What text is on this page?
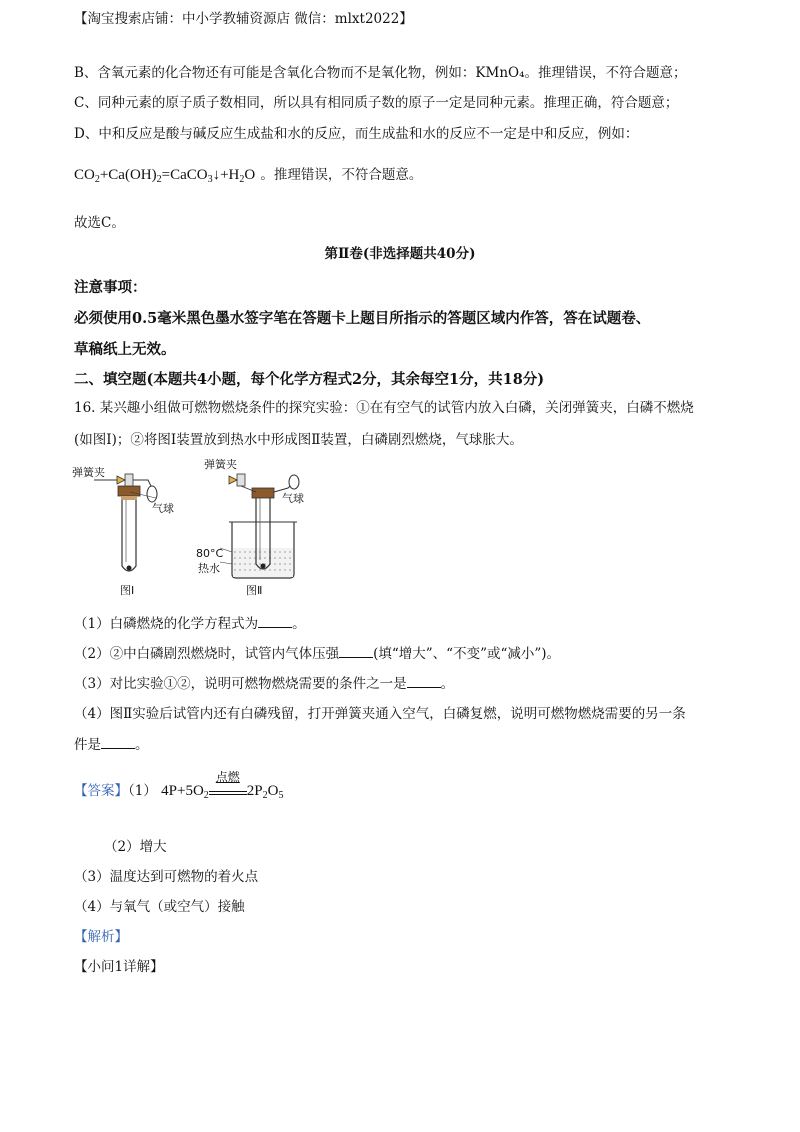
【淘宝搜索店铺：中小学教辅资源店 微信：mlxt2022】
B、含氧元素的化合物还有可能是含氧化合物而不是氧化物，例如：KMnO₄。推理错误，不符合题意；
C、同种元素的原子质子数相同，所以具有相同质子数的原子一定是同种元素。推理正确，符合题意；
D、中和反应是酸与碱反应生成盐和水的反应，而生成盐和水的反应不一定是中和反应，例如：
$CO_2+Ca(OH)_2=CaCO_3↓+H_2O$ 。推理错误，不符合题意。
故选C。
第Ⅱ卷(非选择题共40分)
注意事项：
必须使用0.5毫米黑色墨水签字笔在答题卡上题目所指示的答题区域内作答，答在试题卷、
草稿纸上无效。
二、填空题(本题共4小题，每个化学方程式2分，其余每空1分，共18分)
16. 某兴趣小组做可燃物燃烧条件的探究实验：①在有空气的试管内放入白磷，关闭弹簧夹，白磷不燃烧
(如图Ⅰ)；②将图Ⅰ装置放到热水中形成图Ⅱ装置，白磷剧烈燃烧，气球胀大。
弹簧夹
气球
图Ⅰ
弹簧夹
气球
80°C
热水
图Ⅱ
（1）白磷燃烧的化学方程式为	。
（2）②中白磷剧烈燃烧时，试管内气体压强	(填“增大”、“不变”或“减小”)。
（3）对比实验①②，说明可燃物燃烧需要的条件之一是	。
（4）图Ⅱ实验后试管内还有白磷残留，打开弹簧夹通入空气，白磷复燃，说明可燃物燃烧需要的另一条
件是	。
【答案】（1） $4P+5O_2$
点燃
$2P_2O_5$
（2）增大
（3）温度达到可燃物的着火点
（4）与氧气（或空气）接触
【解析】
【小问1详解】
